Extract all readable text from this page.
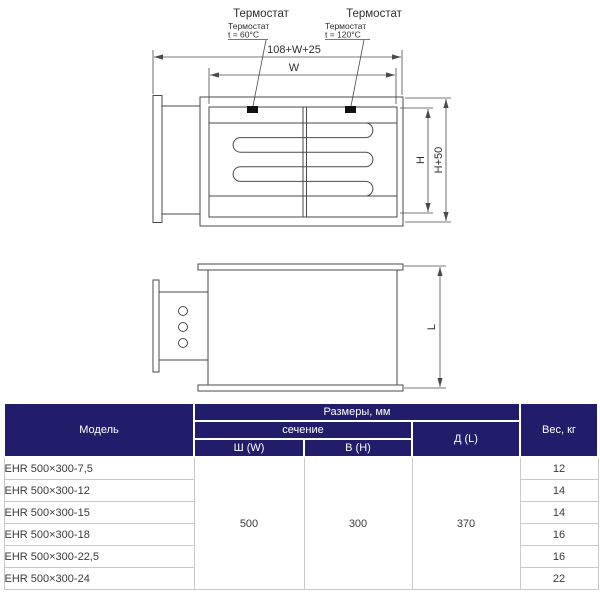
Термостат	Термостат
Термостат
t = 60°C
Термостат
t = 120°C
108+W+25
W
H H+50
L
Модель	Размеры, мм			Вес, кг
	сечение		Д (L)	
	Ш (W)	В (H)		
EHR 500×300-7,5	500	300	370	12
EHR 500×300-12				14
EHR 500×300-15				14
EHR 500×300-18				16
EHR 500×300-22,5				16
EHR 500×300-24				22
